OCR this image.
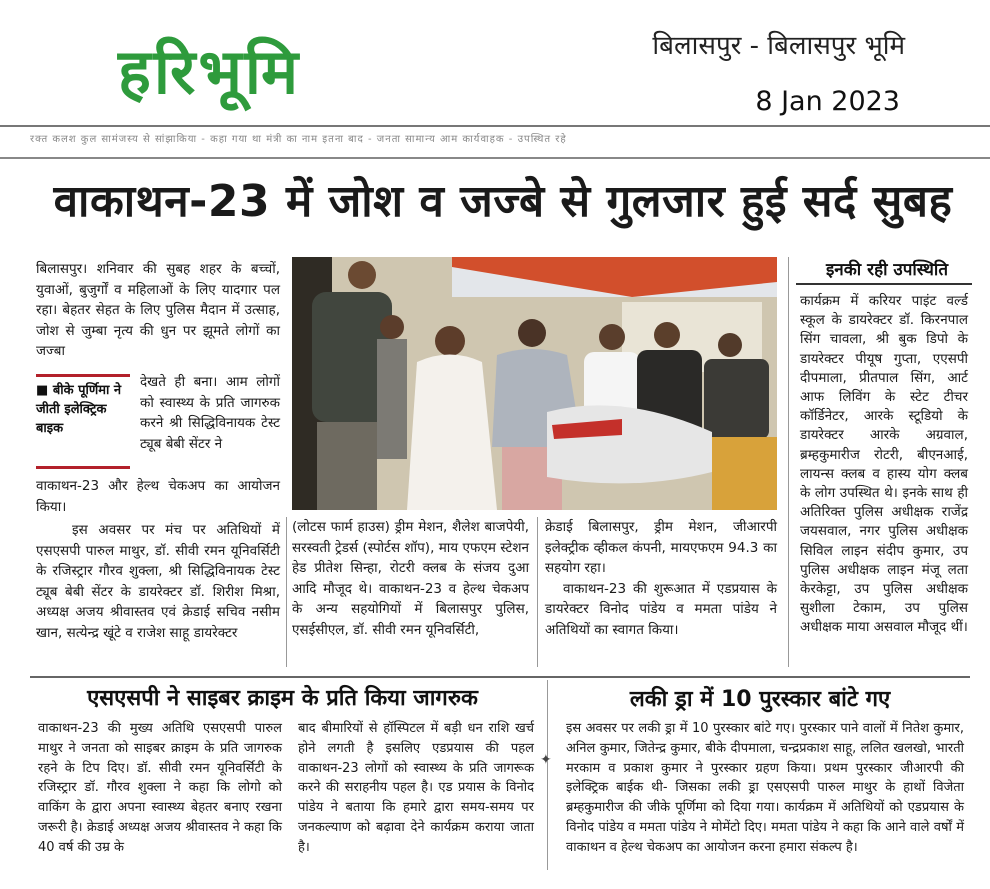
हरिभूमि	बिलासपुर - बिलासपुर भूमि
8 Jan 2023
रक्त कलश कुल सामंजस्य से सांझाकिया - कहा गया था मंत्री का नाम इतना बाद - जनता सामान्य आम कार्यवाहक - उपस्थित रहे
वाकाथन-23 में जोश व जज्बे से गुलजार हुई सर्द सुबह

बिलासपुर। शनिवार की सुबह शहर के बच्चों, युवाओं, बुजुर्गों व महिलाओं के लिए यादगार पल रहा। बेहतर सेहत के लिए पुलिस मैदान में उत्साह, जोश से जुम्बा नृत्य की धुन पर झूमते लोगों का जज्बा

■ बीके पूर्णिमा ने जीती इलेक्ट्रिक बाइक
देखते ही बना। आम लोगों को स्वास्थ्य के प्रति जागरुक करने श्री सिद्धिविनायक टेस्ट ट्यूब बेबी सेंटर ने
वाकाथन-23 और हेल्थ चेकअप का आयोजन किया।
इस अवसर पर मंच पर अतिथियों में एसएसपी पारुल माथुर, डॉ. सीवी रमन यूनिवर्सिटी के रजिस्ट्रार गौरव शुक्ला, श्री सिद्धिविनायक टेस्ट ट्यूब बेबी सेंटर के डायरेक्टर डॉ. शिरीश मिश्रा, अध्यक्ष अजय श्रीवास्तव एवं क्रेडाई सचिव नसीम खान, सत्येन्द्र खूंटे व राजेश साहू डायरेक्टर
(लोटस फार्म हाउस) ड्रीम मेशन, शैलेश बाजपेयी, सरस्वती ट्रेडर्स (स्पोर्टस शॉप), माय एफएम स्टेशन हेड प्रीतेश सिन्हा, रोटरी क्लब के संजय दुआ आदि मौजूद थे। वाकाथन-23 व हेल्थ चेकअप के अन्य सहयोगियों में बिलासपुर पुलिस, एसईसीएल, डॉ. सीवी रमन यूनिवर्सिटी,

क्रेडाई बिलासपुर, ड्रीम मेशन, जीआरपी इलेक्ट्रीक व्हीकल कंपनी, मायएफएम 94.3 का सहयोग रहा।

वाकाथन-23 की शुरूआत में एडप्रयास के डायरेक्टर विनोद पांडेय व ममता पांडेय ने अतिथियों का स्वागत किया।

इनकी रही उपस्थिति
कार्यक्रम में करियर पाइंट वर्ल्ड स्कूल के डायरेक्टर डॉ. किरनपाल सिंग चावला, श्री बुक डिपो के डायरेक्टर पीयूष गुप्ता, एएसपी दीपमाला, प्रीतपाल सिंग, आर्ट आफ लिविंग के स्टेट टीचर कॉर्डिनेटर, आरके स्टूडियो के डायरेक्टर आरके अग्रवाल, ब्रम्हकुमारीज रोटरी, बीएनआई, लायन्स क्लब व हास्य योग क्लब के लोग उपस्थित थे। इनके साथ ही अतिरिक्त पुलिस अधीक्षक राजेंद्र जयसवाल, नगर पुलिस अधीक्षक सिविल लाइन संदीप कुमार, उप पुलिस अधीक्षक लाइन मंजू लता केरकेट्टा, उप पुलिस अधीक्षक सुशीला टेकाम, उप पुलिस अधीक्षक माया असवाल मौजूद थीं।
एसएसपी ने साइबर क्राइम के प्रति किया जागरुक	लकी ड्रा में 10 पुरस्कार बांटे गए
वाकाथन-23 की मुख्य अतिथि एसएसपी पारुल माथुर ने जनता को साइबर क्राइम के प्रति जागरुक रहने के टिप दिए। डॉ. सीवी रमन यूनिवर्सिटी के रजिस्ट्रार डॉ. गौरव शुक्ला ने कहा कि लोगो को वाकिंग के द्वारा अपना स्वास्थ्य बेहतर बनाए रखना जरूरी है। क्रेडाई अध्यक्ष अजय श्रीवास्तव ने कहा कि 40 वर्ष की उम्र के
बाद बीमारियों से हॉस्पिटल में बड़ी धन राशि खर्च होने लगती है इसलिए एडप्रयास की पहल वाकाथन-23 लोगों को स्वास्थ्य के प्रति जागरूक करने की सराहनीय पहल है। एड प्रयास के विनोद पांडेय ने बताया कि हमारे द्वारा समय-समय पर जनकल्याण को बढ़ावा देने कार्यक्रम कराया जाता है।
✦
इस अवसर पर लकी ड्रा में 10 पुरस्कार बांटे गए। पुरस्कार पाने वालों में नितेश कुमार, अनिल कुमार, जितेन्द्र कुमार, बीके दीपमाला, चन्द्रप्रकाश साहू, ललित खलखो, भारती मरकाम व प्रकाश कुमार ने पुरस्कार ग्रहण किया। प्रथम पुरस्कार जीआरपी की इलेक्ट्रिक बाईक थी- जिसका लकी ड्रा एसएसपी पारुल माथुर के हाथों विजेता ब्रम्हकुमारीज की जीके पूर्णिमा को दिया गया। कार्यक्रम में अतिथियों को एडप्रयास के विनोद पांडेय व ममता पांडेय ने मोमेंटो दिए। ममता पांडेय ने कहा कि आने वाले वर्षों में वाकाथन व हेल्थ चेकअप का आयोजन करना हमारा संकल्प है।
